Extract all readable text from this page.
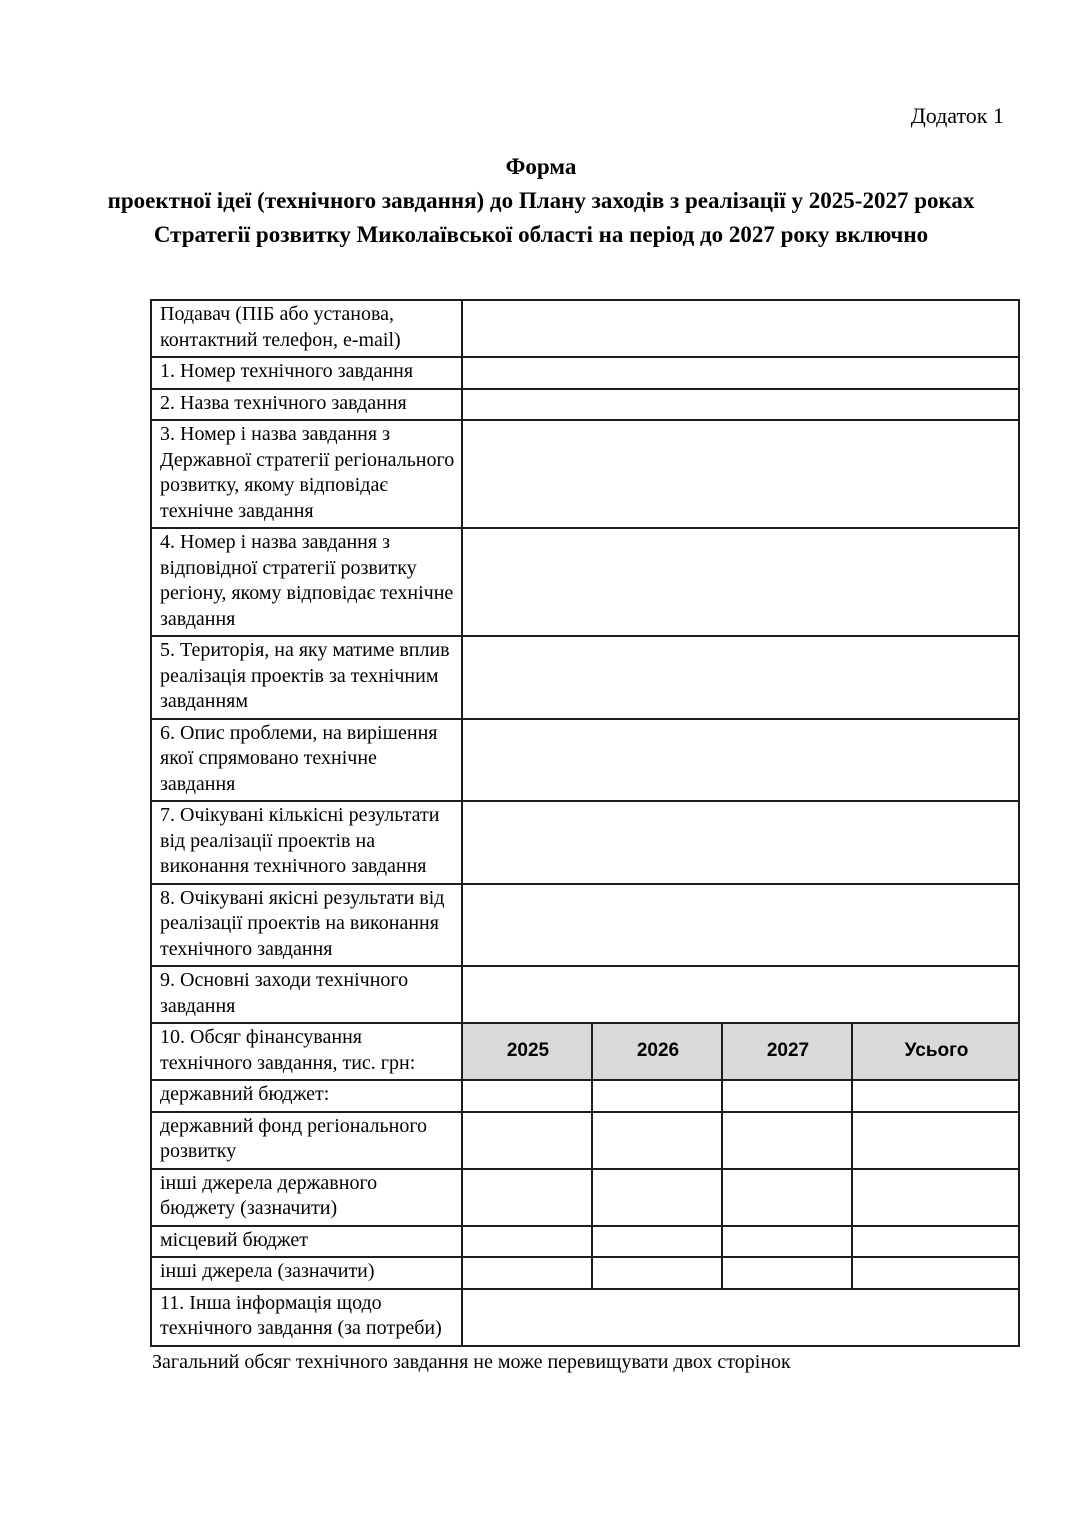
Додаток 1
Форма
проектної ідеї (технічного завдання) до Плану заходів з реалізації у 2025-2027 роках Стратегії розвитку Миколаївської області на період до 2027 року включно
Подавач (ПІБ або установа, контактний телефон, e-mail)				
1. Номер технічного завдання				
2. Назва технічного завдання				
3. Номер і назва завдання з Державної стратегії регіонального розвитку, якому відповідає технічне завдання				
4. Номер і назва завдання з відповідної стратегії розвитку регіону, якому відповідає технічне завдання				
5. Територія, на яку матиме вплив реалізація проектів за технічним завданням				
6. Опис проблеми, на вирішення якої спрямовано технічне завдання				
7. Очікувані кількісні результати від реалізації проектів на виконання технічного завдання				
8. Очікувані якісні результати від реалізації проектів на виконання технічного завдання				
9. Основні заходи технічного завдання				
10. Обсяг фінансування технічного завдання, тис. грн:	2025	2026	2027	Усього
державний бюджет:				
державний фонд регіонального розвитку				
інші джерела державного бюджету (зазначити)				
місцевий бюджет				
інші джерела (зазначити)				
11. Інша інформація щодо технічного завдання (за потреби)				
Загальний обсяг технічного завдання не може перевищувати двох сторінок
